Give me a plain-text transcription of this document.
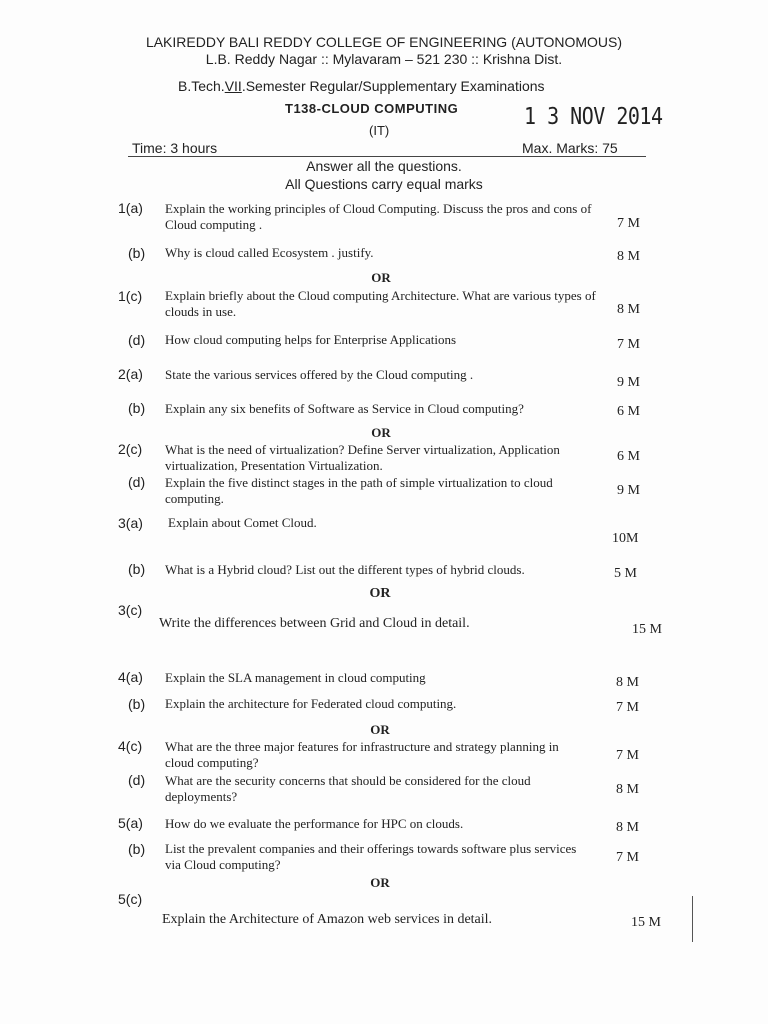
LAKIREDDY BALI REDDY COLLEGE OF ENGINEERING (AUTONOMOUS)
L.B. Reddy Nagar :: Mylavaram – 521 230 :: Krishna Dist.
B.Tech.VII.Semester Regular/Supplementary Examinations
T138-CLOUD COMPUTING	1 3 NOV 2014
(IT)
Time: 3 hours	Max. Marks: 75
Answer all the questions.
All Questions carry equal marks
1(a) Explain the working principles of Cloud Computing. Discuss the pros and cons of Cloud computing .	7 M
(b) Why is cloud called Ecosystem . justify.	8 M
OR
1(c) Explain briefly about the Cloud computing Architecture. What are various types of clouds in use.	8 M
(d) How cloud computing helps for Enterprise Applications	7 M
2(a) State the various services offered by the Cloud computing .
9 M
(b) Explain any six benefits of Software as Service in Cloud computing?	6 M
OR
2(c) What is the need of virtualization? Define Server virtualization, Application virtualization, Presentation Virtualization.
6 M
(d) Explain the five distinct stages in the path of simple virtualization to cloud computing.
9 M
3(a) Explain about Comet Cloud.
10M
(b) What is a Hybrid cloud? List out the different types of hybrid clouds.	5 M
OR
3(c)
Write the differences between Grid and Cloud in detail.	15 M
4(a) Explain the SLA management in cloud computing	8 M
(b) Explain the architecture for Federated cloud computing.	7 M
OR
4(c) What are the three major features for infrastructure and strategy planning in cloud computing?	7 M
(d) What are the security concerns that should be considered for the cloud deployments?	8 M
5(a) How do we evaluate the performance for HPC on clouds.	8 M
(b) List the prevalent companies and their offerings towards software plus services via Cloud computing?	7 M
OR
5(c)
Explain the Architecture of Amazon web services in detail.	15 M
